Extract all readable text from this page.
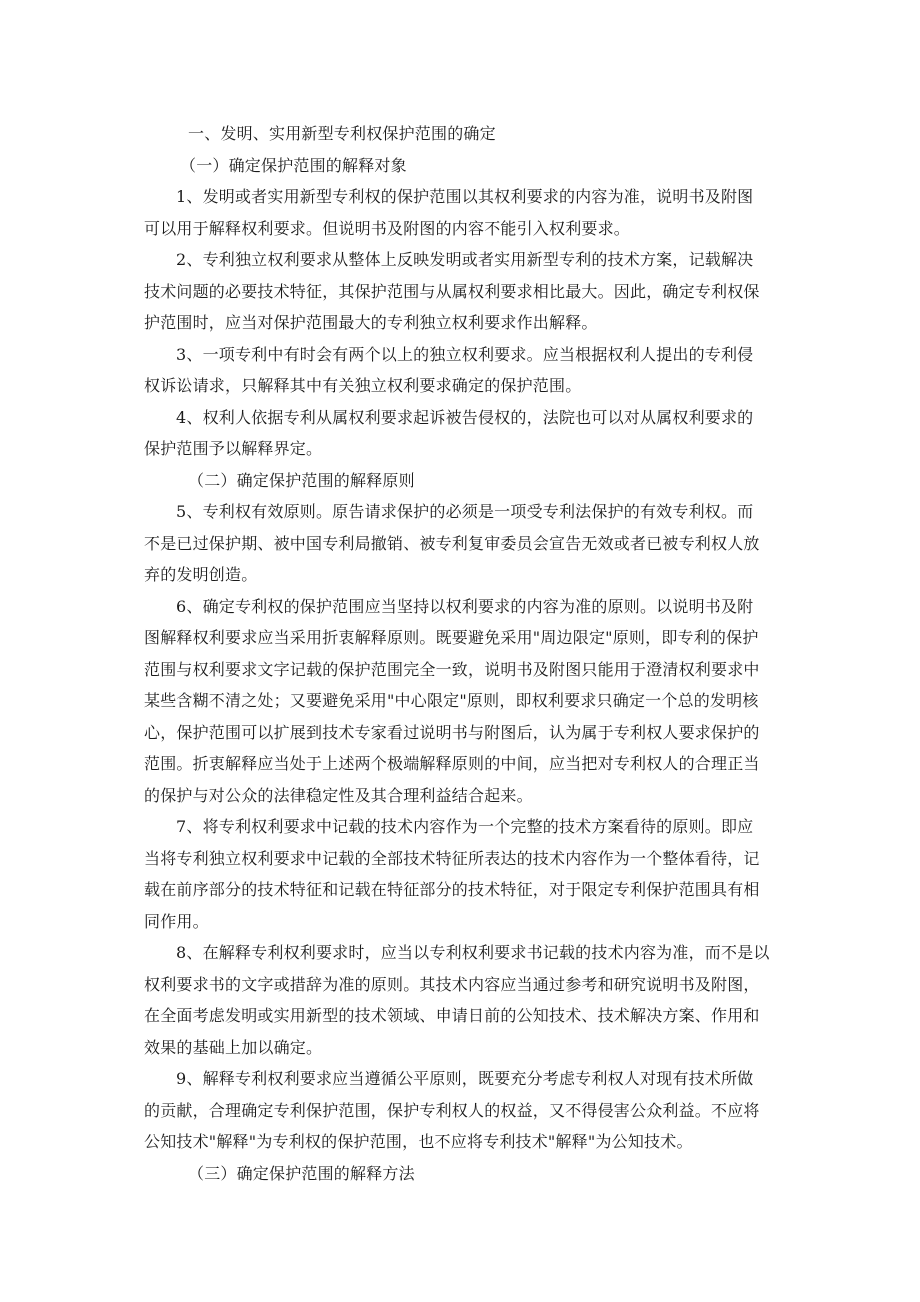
一、发明、实用新型专利权保护范围的确定
（一）确定保护范围的解释对象
1、发明或者实用新型专利权的保护范围以其权利要求的内容为准，说明书及附图
可以用于解释权利要求。但说明书及附图的内容不能引入权利要求。
2、专利独立权利要求从整体上反映发明或者实用新型专利的技术方案，记载解决
技术问题的必要技术特征，其保护范围与从属权利要求相比最大。因此，确定专利权保
护范围时，应当对保护范围最大的专利独立权利要求作出解释。
3、一项专利中有时会有两个以上的独立权利要求。应当根据权利人提出的专利侵
权诉讼请求，只解释其中有关独立权利要求确定的保护范围。
4、权利人依据专利从属权利要求起诉被告侵权的，法院也可以对从属权利要求的
保护范围予以解释界定。
（二）确定保护范围的解释原则
5、专利权有效原则。原告请求保护的必须是一项受专利法保护的有效专利权。而
不是已过保护期、被中国专利局撤销、被专利复审委员会宣告无效或者已被专利权人放
弃的发明创造。
6、确定专利权的保护范围应当坚持以权利要求的内容为准的原则。以说明书及附
图解释权利要求应当采用折衷解释原则。既要避免采用"周边限定"原则，即专利的保护
范围与权利要求文字记载的保护范围完全一致，说明书及附图只能用于澄清权利要求中
某些含糊不清之处；又要避免采用"中心限定"原则，即权利要求只确定一个总的发明核
心，保护范围可以扩展到技术专家看过说明书与附图后，认为属于专利权人要求保护的
范围。折衷解释应当处于上述两个极端解释原则的中间，应当把对专利权人的合理正当
的保护与对公众的法律稳定性及其合理利益结合起来。
7、将专利权利要求中记载的技术内容作为一个完整的技术方案看待的原则。即应
当将专利独立权利要求中记载的全部技术特征所表达的技术内容作为一个整体看待，记
载在前序部分的技术特征和记载在特征部分的技术特征，对于限定专利保护范围具有相
同作用。
8、在解释专利权利要求时，应当以专利权利要求书记载的技术内容为准，而不是以
权利要求书的文字或措辞为准的原则。其技术内容应当通过参考和研究说明书及附图，
在全面考虑发明或实用新型的技术领域、申请日前的公知技术、技术解决方案、作用和
效果的基础上加以确定。
9、解释专利权利要求应当遵循公平原则，既要充分考虑专利权人对现有技术所做
的贡献，合理确定专利保护范围，保护专利权人的权益，又不得侵害公众利益。不应将
公知技术"解释"为专利权的保护范围，也不应将专利技术"解释"为公知技术。
（三）确定保护范围的解释方法
